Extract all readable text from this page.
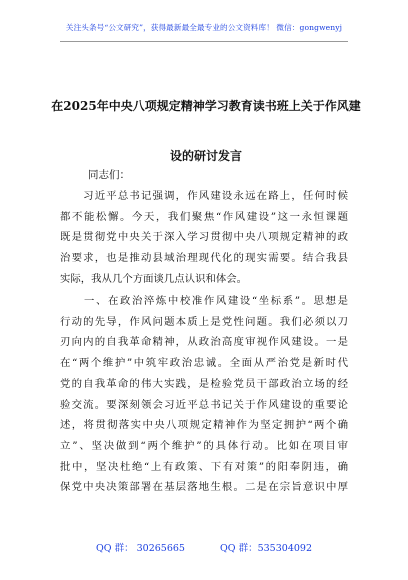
关注头条号“公文研究”，获得最新最全最专业的公文资料库！ 微信：gongwenyj
在2025年中央八项规定精神学习教育读书班上关于作风建
设的研讨发言
同志们：
　　习近平总书记强调，作风建设永远在路上，任何时候
都不能松懈。今天，我们聚焦“作风建设”这一永恒课题
既是贯彻党中央关于深入学习贯彻中央八项规定精神的政
治要求，也是推动县域治理现代化的现实需要。结合我县
实际，我从几个方面谈几点认识和体会。
　　一、在政治淬炼中校准作风建设“坐标系”。思想是
行动的先导，作风问题本质上是党性问题。我们必须以刀
刃向内的自我革命精神，从政治高度审视作风建设。一是
在“两个维护”中筑牢政治忠诚。全面从严治党是新时代
党的自我革命的伟大实践，是检验党员干部政治立场的经
验交流。要深刻领会习近平总书记关于作风建设的重要论
述，将贯彻落实中央八项规定精神作为坚定拥护“两个确
立”、坚决做到“两个维护”的具体行动。比如在项目审
批中，坚决杜绝“上有政策、下有对策”的阳奉阴违，确
保党中央决策部署在基层落地生根。二是在宗旨意识中厚
QQ 群： 30265665	QQ 群：535304092
